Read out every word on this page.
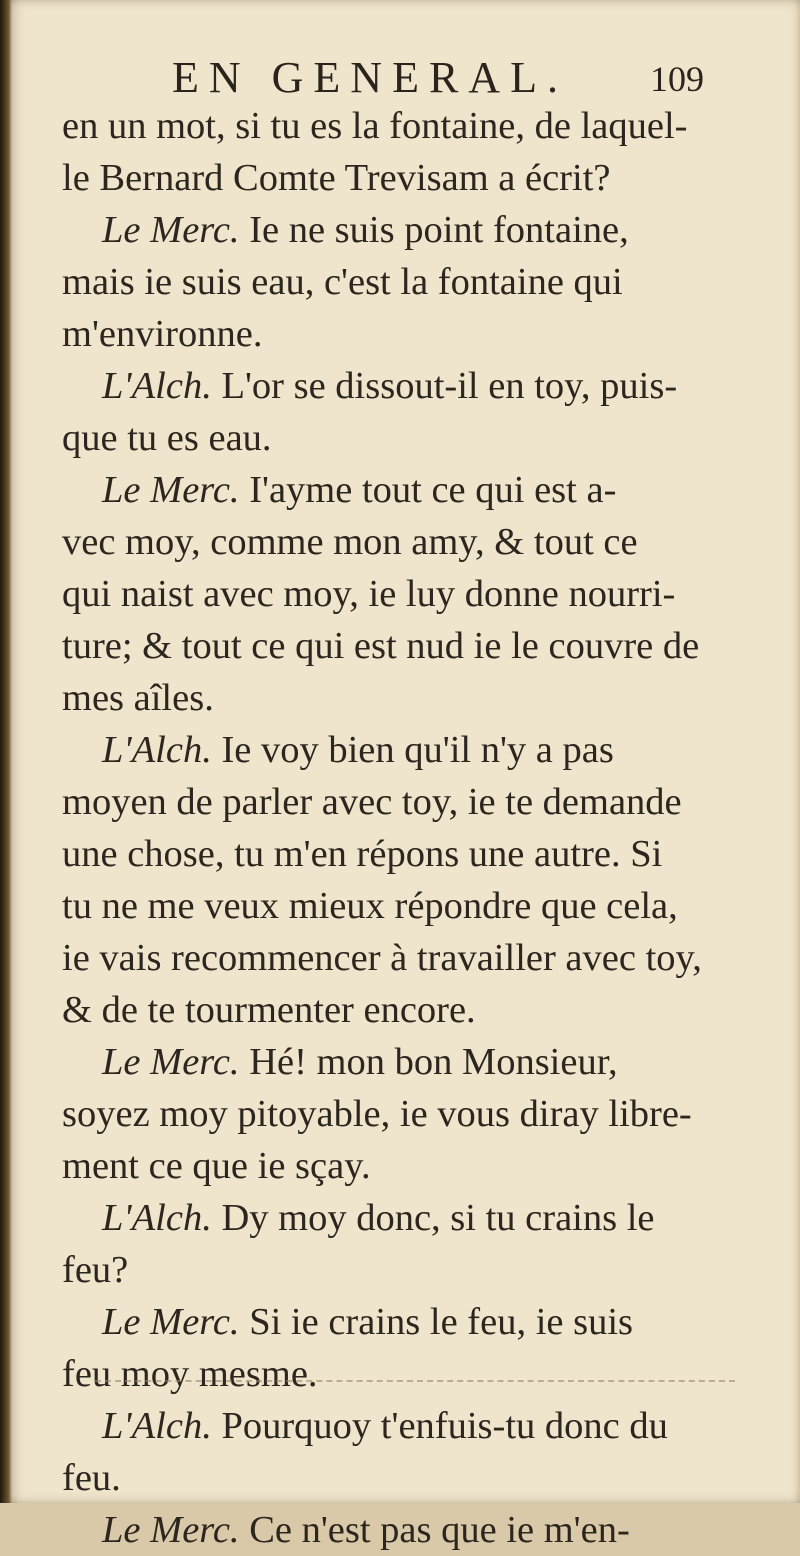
EN GENERAL. 109
en un mot, si tu es la fontaine, de laquel-
le Bernard Comte Trevisam a écrit?
Le Merc. Ie ne suis point fontaine,
mais ie suis eau, c'est la fontaine qui
m'environne.
L'Alch. L'or se dissout-il en toy, puis-
que tu es eau.
Le Merc. I'ayme tout ce qui est a-
vec moy, comme mon amy, & tout ce
qui naist avec moy, ie luy donne nourri-
ture; & tout ce qui est nud ie le couvre de
mes aîles.
L'Alch. Ie voy bien qu'il n'y a pas
moyen de parler avec toy, ie te demande
une chose, tu m'en répons une autre. Si
tu ne me veux mieux répondre que cela,
ie vais recommencer à travailler avec toy,
& de te tourmenter encore.
Le Merc. Hé! mon bon Monsieur,
soyez moy pitoyable, ie vous diray libre-
ment ce que ie sçay.
L'Alch. Dy moy donc, si tu crains le
feu?
Le Merc. Si ie crains le feu, ie suis
feu moy mesme.
L'Alch. Pourquoy t'enfuis-tu donc du
feu.
Le Merc. Ce n'est pas que ie m'en-
